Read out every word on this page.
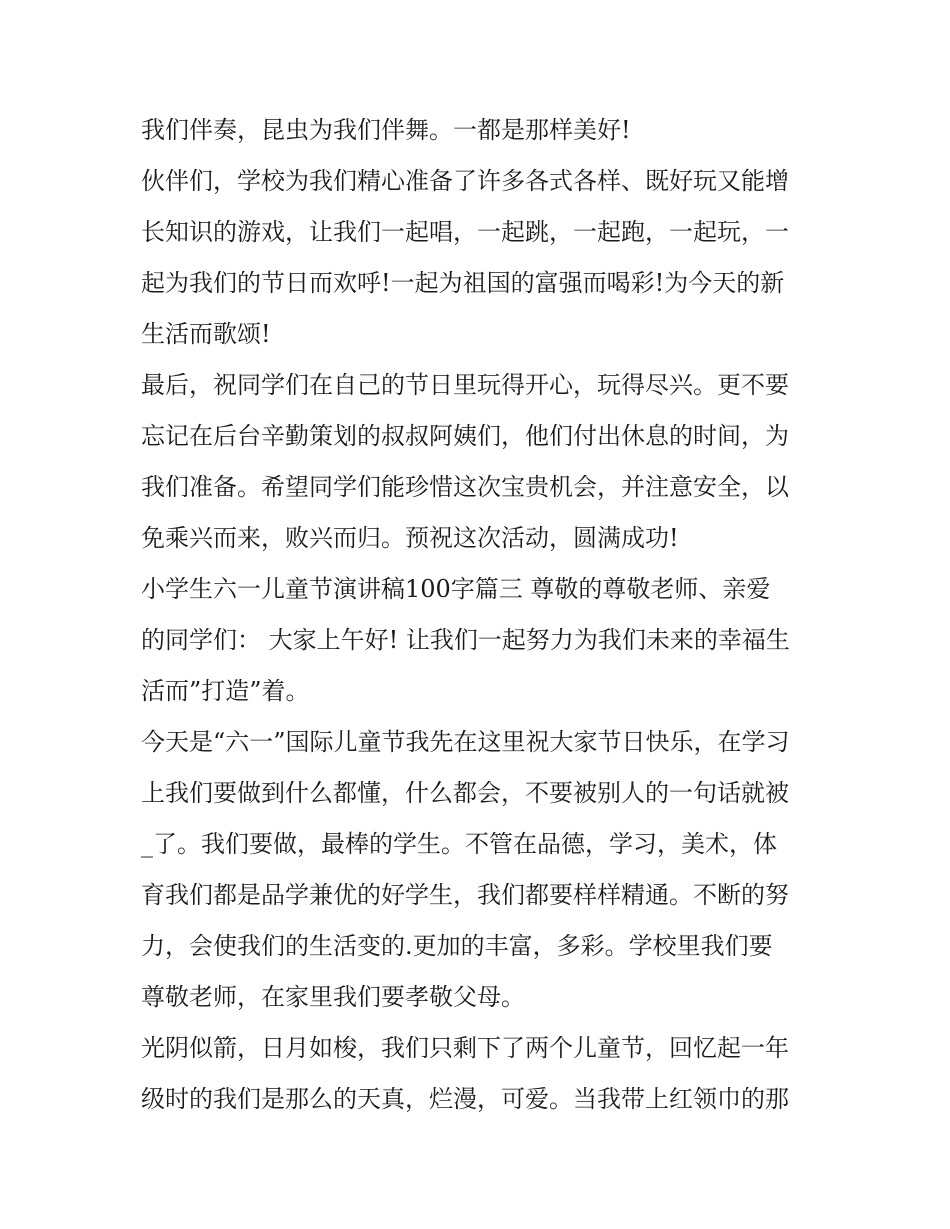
我们伴奏，昆虫为我们伴舞。一都是那样美好!
伙伴们，学校为我们精心准备了许多各式各样、既好玩又能增
长知识的游戏，让我们一起唱，一起跳，一起跑，一起玩，一
起为我们的节日而欢呼!一起为祖国的富强而喝彩!为今天的新
生活而歌颂!
最后，祝同学们在自己的节日里玩得开心，玩得尽兴。更不要
忘记在后台辛勤策划的叔叔阿姨们，他们付出休息的时间，为
我们准备。希望同学们能珍惜这次宝贵机会，并注意安全，以
免乘兴而来，败兴而归。预祝这次活动，圆满成功!
小学生六一儿童节演讲稿100字篇三 尊敬的尊敬老师、亲爱
的同学们： 大家上午好! 让我们一起努力为我们未来的幸福生
活而”打造”着。
今天是“六一”国际儿童节我先在这里祝大家节日快乐，在学习
上我们要做到什么都懂，什么都会，不要被别人的一句话就被
_了。我们要做，最棒的学生。不管在品德，学习，美术，体
育我们都是品学兼优的好学生，我们都要样样精通。不断的努
力，会使我们的生活变的.更加的丰富，多彩。学校里我们要
尊敬老师，在家里我们要孝敬父母。
光阴似箭，日月如梭，我们只剩下了两个儿童节，回忆起一年
级时的我们是那么的天真，烂漫，可爱。当我带上红领巾的那
